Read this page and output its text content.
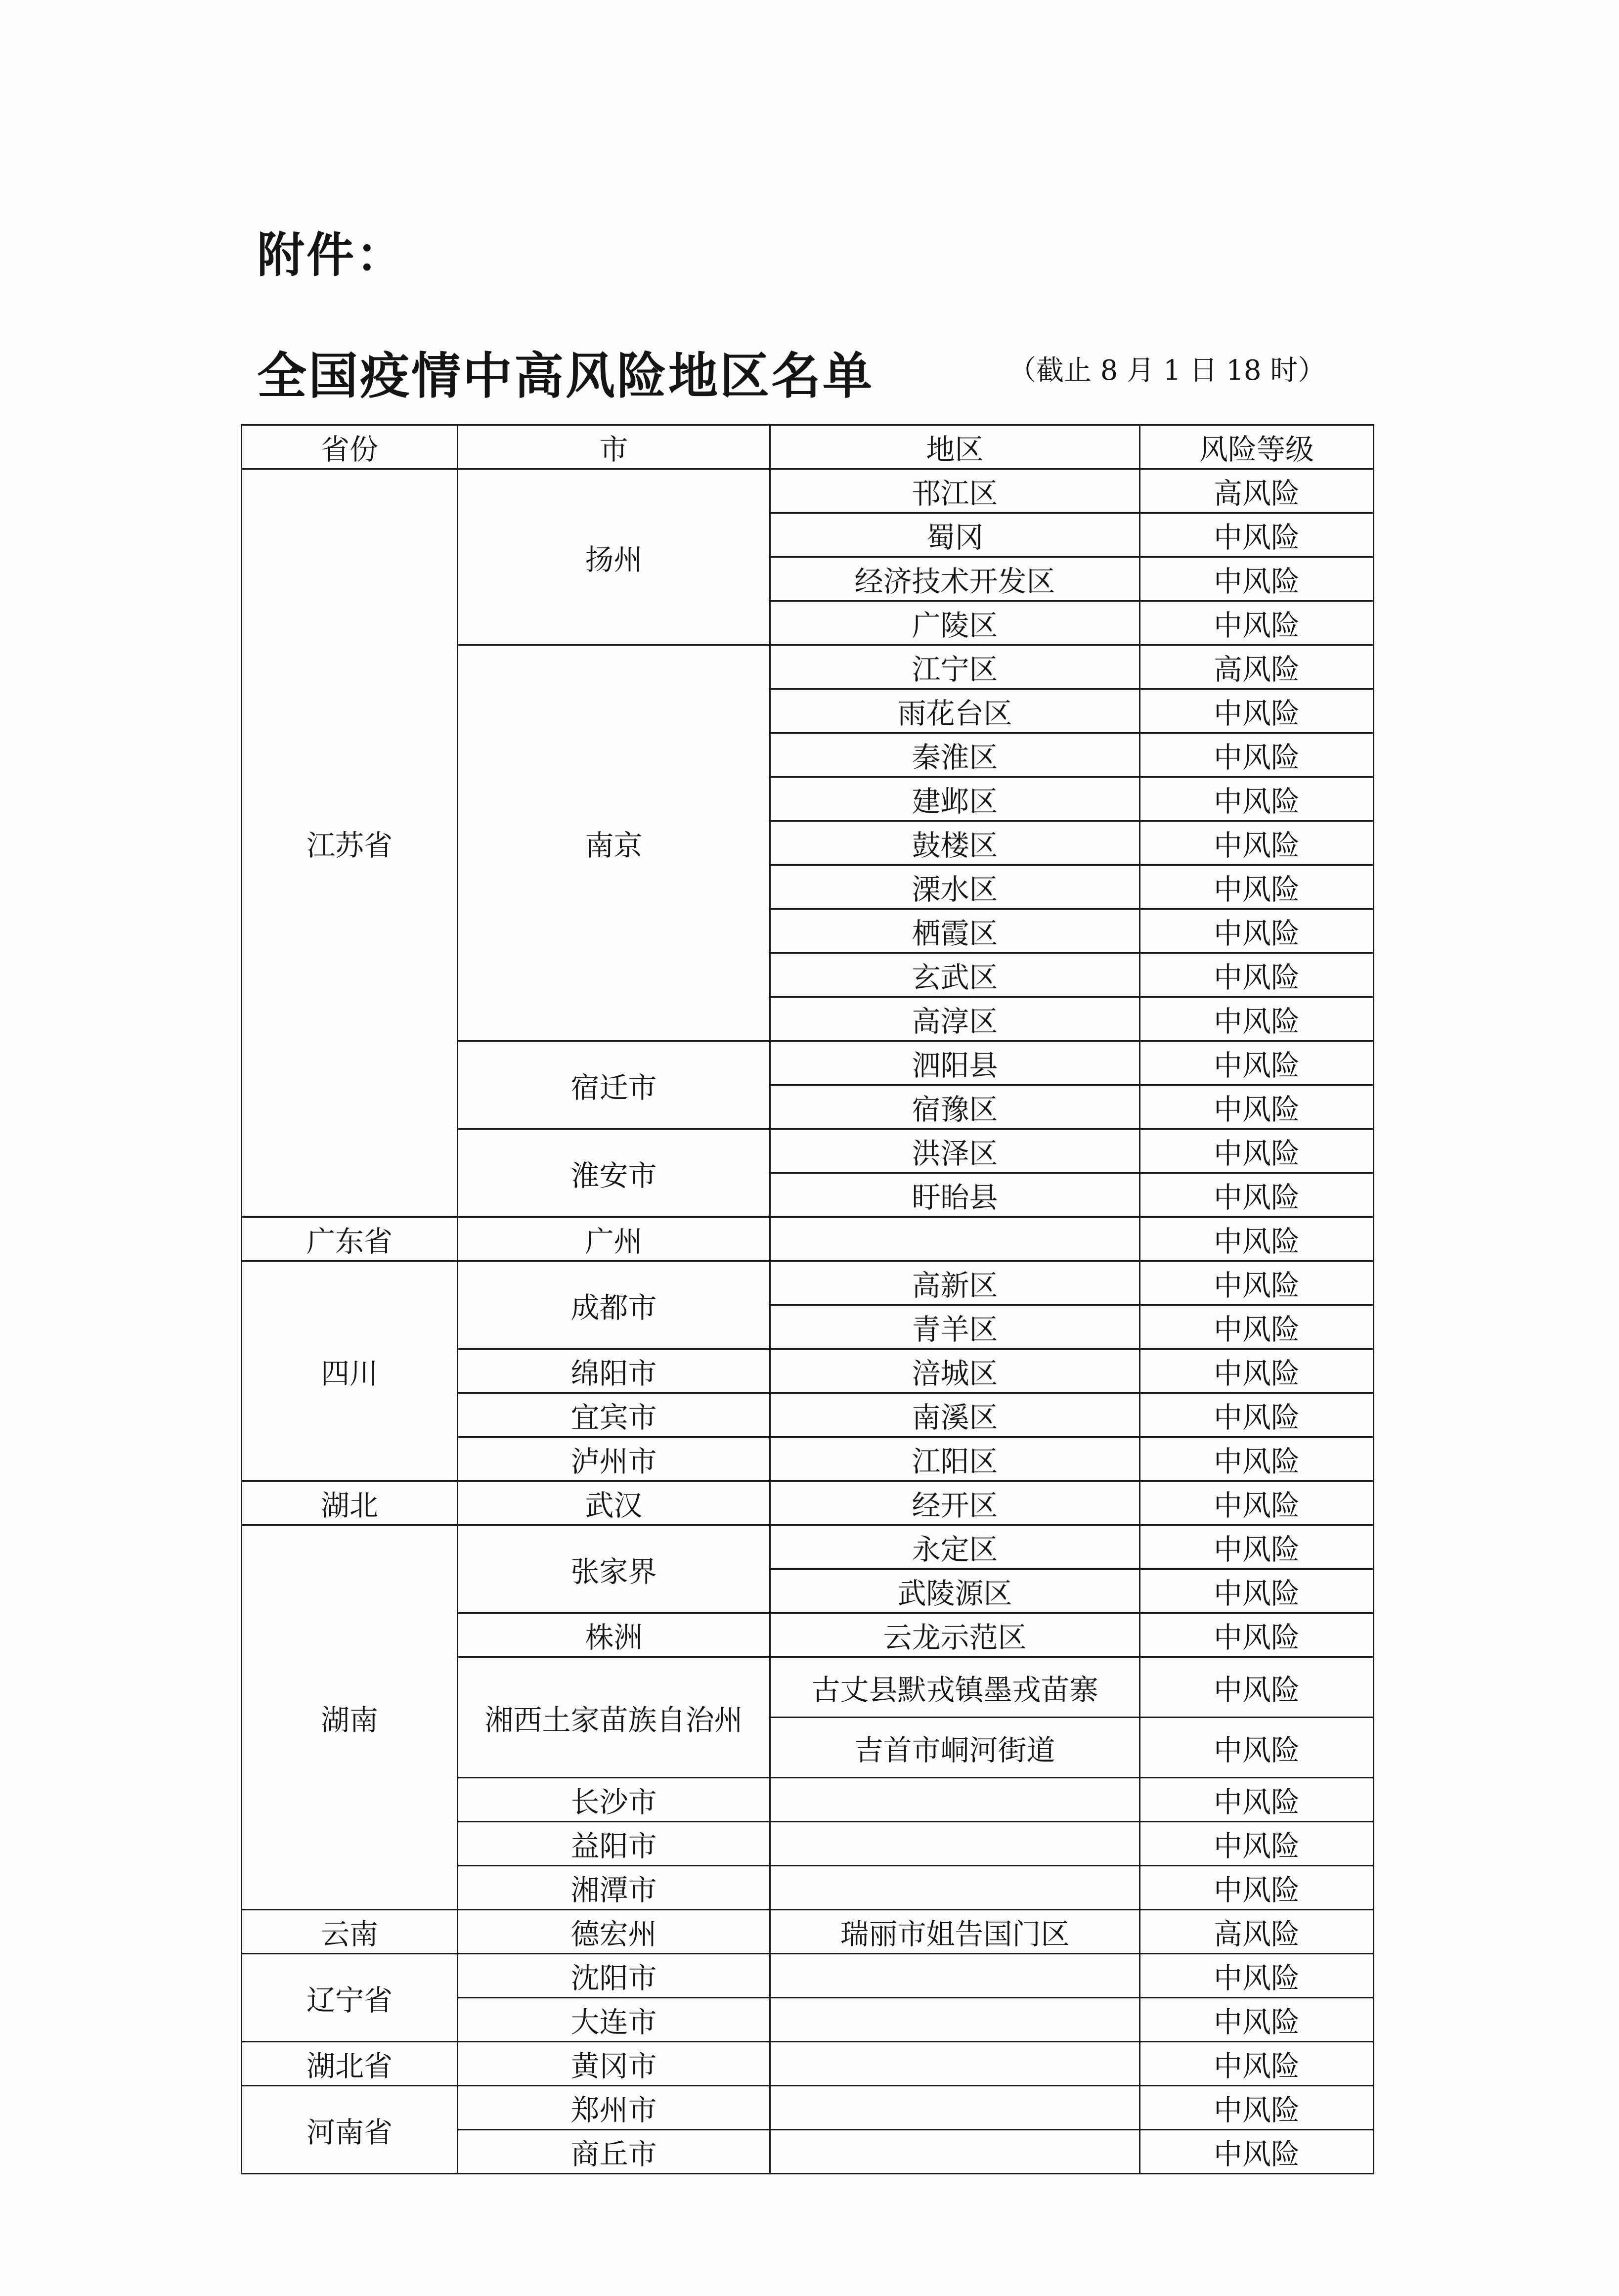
附件：
全国疫情中高风险地区名单	（截止 8 月 1 日 18 时）
省份	市	地区	风险等级
江苏省	扬州	邗江区	高风险
		蜀冈	中风险
		经济技术开发区	中风险
		广陵区	中风险
	南京	江宁区	高风险
		雨花台区	中风险
		秦淮区	中风险
		建邺区	中风险
		鼓楼区	中风险
		溧水区	中风险
		栖霞区	中风险
		玄武区	中风险
		高淳区	中风险
	宿迁市	泗阳县	中风险
		宿豫区	中风险
	淮安市	洪泽区	中风险
		盱眙县	中风险
广东省	广州		中风险
四川	成都市	高新区	中风险
		青羊区	中风险
	绵阳市	涪城区	中风险
	宜宾市	南溪区	中风险
	泸州市	江阳区	中风险
湖北	武汉	经开区	中风险
湖南	张家界	永定区	中风险
		武陵源区	中风险
	株洲	云龙示范区	中风险
	湘西土家苗族自治州	古丈县默戎镇墨戎苗寨	中风险
		吉首市峒河街道	中风险
	长沙市		中风险
	益阳市		中风险
	湘潭市		中风险
云南	德宏州	瑞丽市姐告国门区	高风险
辽宁省	沈阳市		中风险
	大连市		中风险
湖北省	黄冈市		中风险
河南省	郑州市		中风险
	商丘市		中风险
